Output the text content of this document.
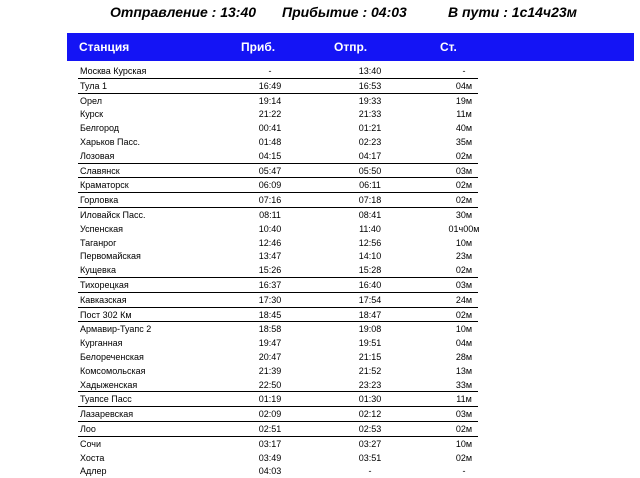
Отправление : 13:40 Прибытие : 04:03	В пути : 1с14ч23м
Станция	Приб.	Отпр.	Ст.
Москва Курская	-	13:40	-
Тула 1	16:49	16:53	04м
Орел	19:14	19:33	19м
Курск	21:22	21:33	11м
Белгород	00:41	01:21	40м
Харьков Пасс.	01:48	02:23	35м
Лозовая	04:15	04:17	02м
Славянск	05:47	05:50	03м
Краматорск	06:09	06:11	02м
Горловка	07:16	07:18	02м
Иловайск Пасс.	08:11	08:41	30м
Успенская	10:40	11:40	01ч00м
Таганрог	12:46	12:56	10м
Первомайская	13:47	14:10	23м
Кущевка	15:26	15:28	02м
Тихорецкая	16:37	16:40	03м
Кавказская	17:30	17:54	24м
Пост 302 Км	18:45	18:47	02м
Армавир-Туапс 2	18:58	19:08	10м
Курганная	19:47	19:51	04м
Белореченская	20:47	21:15	28м
Комсомольская	21:39	21:52	13м
Хадыженская	22:50	23:23	33м
Туапсе Пасс	01:19	01:30	11м
Лазаревская	02:09	02:12	03м
Лоо	02:51	02:53	02м
Сочи	03:17	03:27	10м
Хоста	03:49	03:51	02м
Адлер	04:03	-	-
